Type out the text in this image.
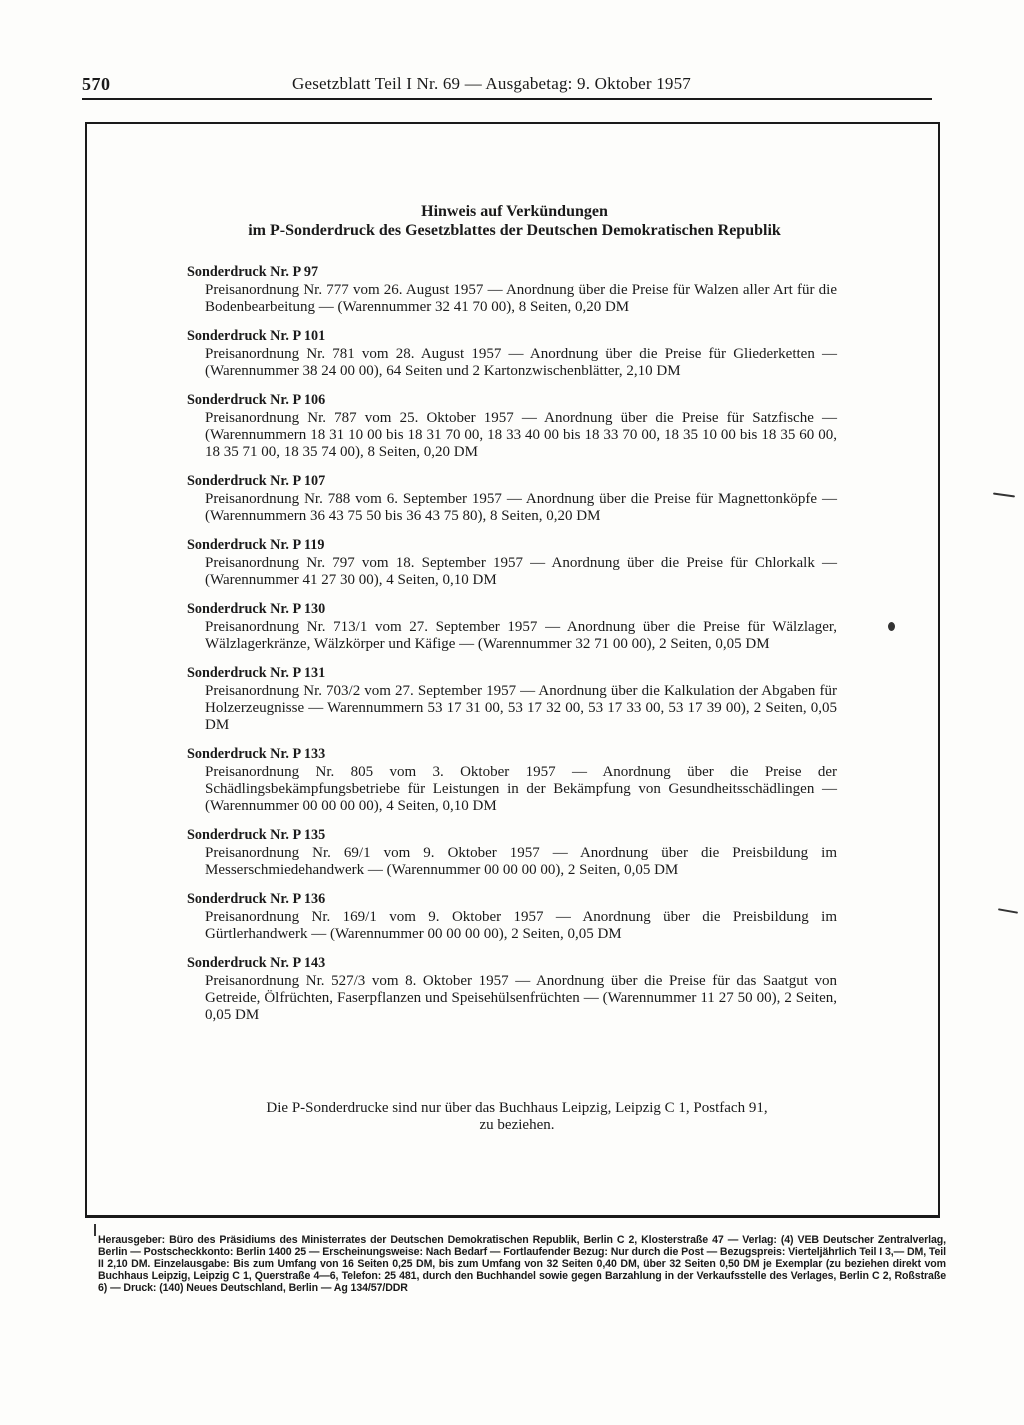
570	Gesetzblatt Teil I Nr. 69 — Ausgabetag: 9. Oktober 1957
Hinweis auf Verkündungen
im P-Sonderdruck des Gesetzblattes der Deutschen Demokratischen Republik
Sonderdruck Nr. P 97
Preisanordnung Nr. 777 vom 26. August 1957 — Anordnung über die Preise für Walzen aller Art für die Bodenbearbeitung — (Warennummer 32 41 70 00), 8 Seiten, 0,20 DM
Sonderdruck Nr. P 101
Preisanordnung Nr. 781 vom 28. August 1957 — Anordnung über die Preise für Gliederketten — (Warennummer 38 24 00 00), 64 Seiten und 2 Kartonzwischenblätter, 2,10 DM
Sonderdruck Nr. P 106
Preisanordnung Nr. 787 vom 25. Oktober 1957 — Anordnung über die Preise für Satzfische — (Warennummern 18 31 10 00 bis 18 31 70 00, 18 33 40 00 bis 18 33 70 00, 18 35 10 00 bis 18 35 60 00, 18 35 71 00, 18 35 74 00), 8 Seiten, 0,20 DM
Sonderdruck Nr. P 107
Preisanordnung Nr. 788 vom 6. September 1957 — Anordnung über die Preise für Magnettonköpfe — (Warennummern 36 43 75 50 bis 36 43 75 80), 8 Seiten, 0,20 DM
Sonderdruck Nr. P 119
Preisanordnung Nr. 797 vom 18. September 1957 — Anordnung über die Preise für Chlorkalk — (Warennummer 41 27 30 00), 4 Seiten, 0,10 DM
Sonderdruck Nr. P 130
Preisanordnung Nr. 713/1 vom 27. September 1957 — Anordnung über die Preise für Wälzlager, Wälzlagerkränze, Wälzkörper und Käfige — (Warennummer 32 71 00 00), 2 Seiten, 0,05 DM
Sonderdruck Nr. P 131
Preisanordnung Nr. 703/2 vom 27. September 1957 — Anordnung über die Kalkulation der Abgaben für Holzerzeugnisse — Warennummern 53 17 31 00, 53 17 32 00, 53 17 33 00, 53 17 39 00), 2 Seiten, 0,05 DM
Sonderdruck Nr. P 133
Preisanordnung Nr. 805 vom 3. Oktober 1957 — Anordnung über die Preise der Schädlingsbekämpfungsbetriebe für Leistungen in der Bekämpfung von Gesundheitsschädlingen — (Warennummer 00 00 00 00), 4 Seiten, 0,10 DM
Sonderdruck Nr. P 135
Preisanordnung Nr. 69/1 vom 9. Oktober 1957 — Anordnung über die Preisbildung im Messerschmiedehandwerk — (Warennummer 00 00 00 00), 2 Seiten, 0,05 DM
Sonderdruck Nr. P 136
Preisanordnung Nr. 169/1 vom 9. Oktober 1957 — Anordnung über die Preisbildung im Gürtlerhandwerk — (Warennummer 00 00 00 00), 2 Seiten, 0,05 DM
Sonderdruck Nr. P 143
Preisanordnung Nr. 527/3 vom 8. Oktober 1957 — Anordnung über die Preise für das Saatgut von Getreide, Ölfrüchten, Faserpflanzen und Speisehülsenfrüchten — (Warennummer 11 27 50 00), 2 Seiten, 0,05 DM
Die P-Sonderdrucke sind nur über das Buchhaus Leipzig, Leipzig C 1, Postfach 91,
zu beziehen.
Herausgeber: Büro des Präsidiums des Ministerrates der Deutschen Demokratischen Republik, Berlin C 2, Klosterstraße 47 — Verlag: (4) VEB Deutscher Zentralverlag, Berlin — Postscheckkonto: Berlin 1400 25 — Erscheinungsweise: Nach Bedarf — Fortlaufender Bezug: Nur durch die Post — Bezugspreis: Vierteljährlich Teil I 3,— DM, Teil II 2,10 DM. Einzelausgabe: Bis zum Umfang von 16 Seiten 0,25 DM, bis zum Umfang von 32 Seiten 0,40 DM, über 32 Seiten 0,50 DM je Exemplar (zu beziehen direkt vom Buchhaus Leipzig, Leipzig C 1, Querstraße 4—6, Telefon: 25 481, durch den Buchhandel sowie gegen Barzahlung in der Verkaufsstelle des Verlages, Berlin C 2, Roßstraße 6) — Druck: (140) Neues Deutschland, Berlin — Ag 134/57/DDR
